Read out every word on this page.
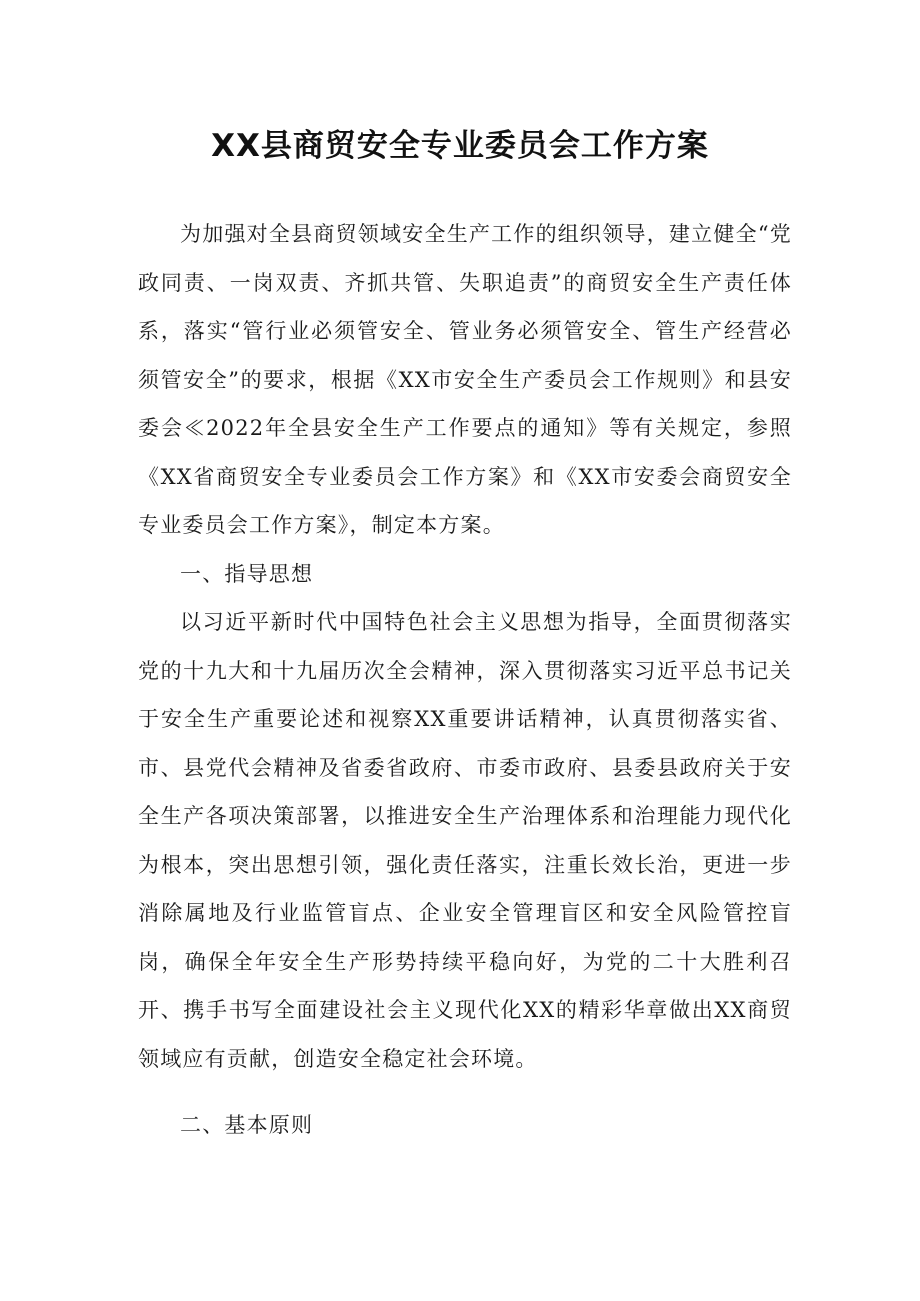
XX县商贸安全专业委员会工作方案

为加强对全县商贸领域安全生产工作的组织领导，建立健全“党政同责、一岗双责、齐抓共管、失职追责”的商贸安全生产责任体系，落实“管行业必须管安全、管业务必须管安全、管生产经营必须管安全”的要求，根据《XX市安全生产委员会工作规则》和县安委会≪2022年全县安全生产工作要点的通知》等有关规定，参照《XX省商贸安全专业委员会工作方案》和《XX市安委会商贸安全专业委员会工作方案》，制定本方案。

一、指导思想

以习近平新时代中国特色社会主义思想为指导，全面贯彻落实党的十九大和十九届历次全会精神，深入贯彻落实习近平总书记关于安全生产重要论述和视察XX重要讲话精神，认真贯彻落实省、市、县党代会精神及省委省政府、市委市政府、县委县政府关于安全生产各项决策部署，以推进安全生产治理体系和治理能力现代化为根本，突出思想引领，强化责任落实，注重长效长治，更进一步消除属地及行业监管盲点、企业安全管理盲区和安全风险管控盲岗，确保全年安全生产形势持续平稳向好，为党的二十大胜利召开、携手书写全面建设社会主义现代化XX的精彩华章做出XX商贸领域应有贡献，创造安全稳定社会环境。

二、基本原则
